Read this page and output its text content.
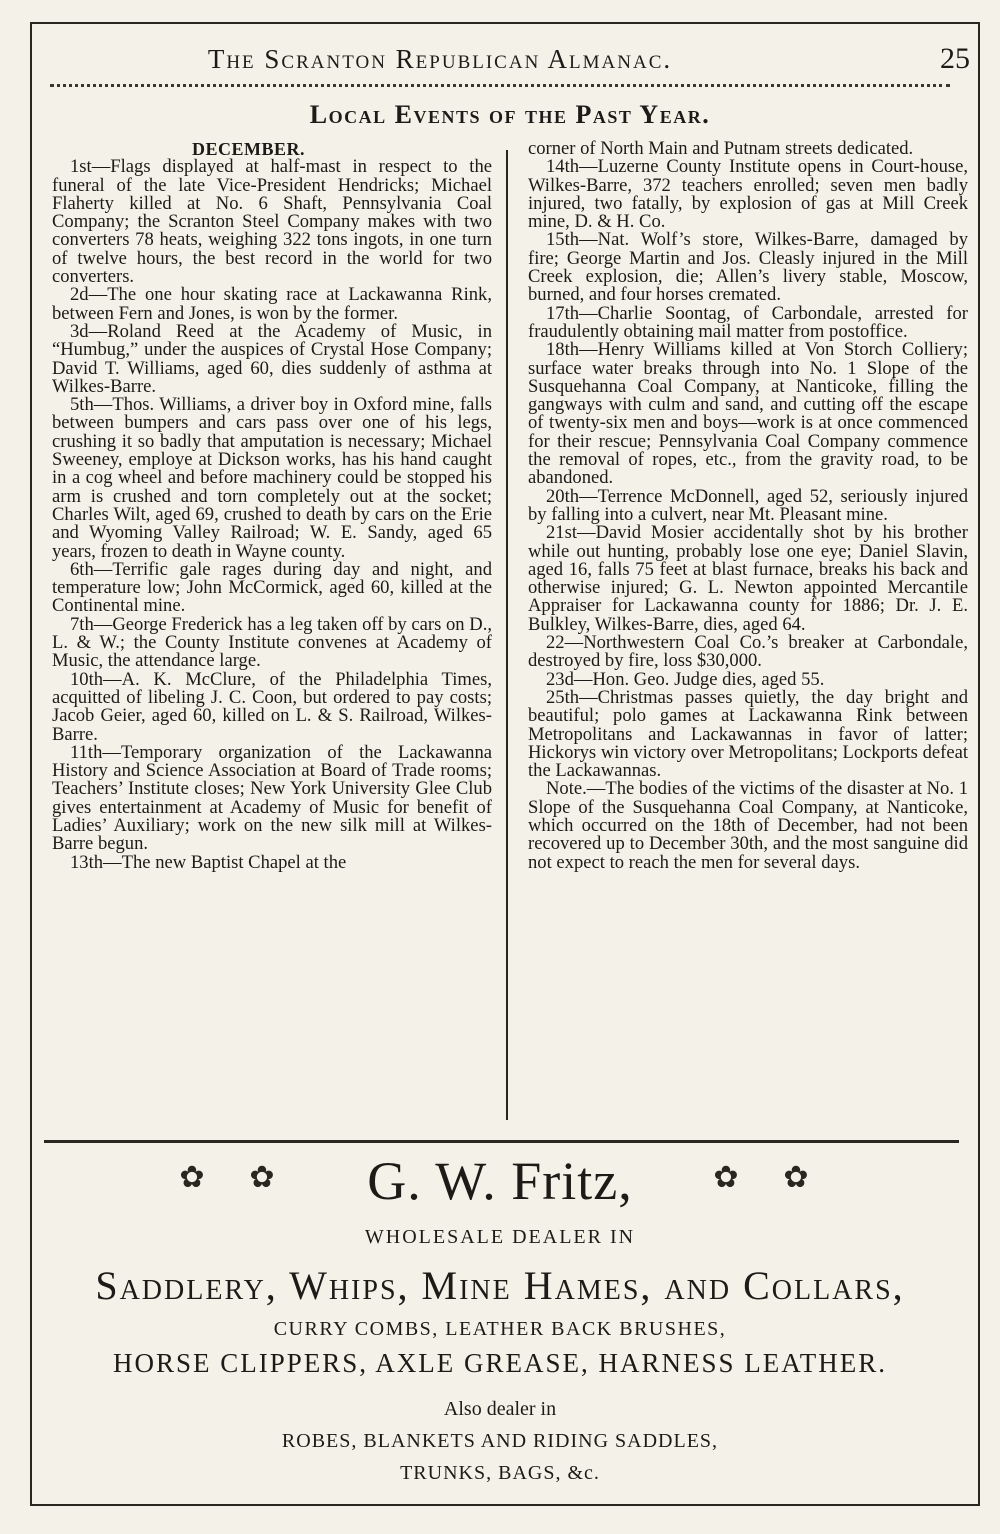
The Scranton Republican Almanac.	25
Local Events of the Past Year.

DECEMBER.

1st—Flags displayed at half-mast in respect to the funeral of the late Vice-President Hendricks; Michael Flaherty killed at No. 6 Shaft, Pennsylvania Coal Company; the Scranton Steel Company makes with two converters 78 heats, weighing 322 tons ingots, in one turn of twelve hours, the best record in the world for two converters.

2d—The one hour skating race at Lackawanna Rink, between Fern and Jones, is won by the former.

3d—Roland Reed at the Academy of Music, in “Humbug,” under the auspices of Crystal Hose Company; David T. Williams, aged 60, dies suddenly of asthma at Wilkes-Barre.

5th—Thos. Williams, a driver boy in Oxford mine, falls between bumpers and cars pass over one of his legs, crushing it so badly that amputation is necessary; Michael Sweeney, employe at Dickson works, has his hand caught in a cog wheel and before machinery could be stopped his arm is crushed and torn completely out at the socket; Charles Wilt, aged 69, crushed to death by cars on the Erie and Wyoming Valley Railroad; W. E. Sandy, aged 65 years, frozen to death in Wayne county.

6th—Terrific gale rages during day and night, and temperature low; John McCormick, aged 60, killed at the Continental mine.

7th—George Frederick has a leg taken off by cars on D., L. & W.; the County Institute convenes at Academy of Music, the attendance large.

10th—A. K. McClure, of the Philadelphia Times, acquitted of libeling J. C. Coon, but ordered to pay costs; Jacob Geier, aged 60, killed on L. & S. Railroad, Wilkes-Barre.

11th—Temporary organization of the Lackawanna History and Science Association at Board of Trade rooms; Teachers’ Institute closes; New York University Glee Club gives entertainment at Academy of Music for benefit of Ladies’ Auxiliary; work on the new silk mill at Wilkes-Barre begun.

13th—The new Baptist Chapel at the

corner of North Main and Putnam streets dedicated.

14th—Luzerne County Institute opens in Court-house, Wilkes-Barre, 372 teachers enrolled; seven men badly injured, two fatally, by explosion of gas at Mill Creek mine, D. & H. Co.

15th—Nat. Wolf’s store, Wilkes-Barre, damaged by fire; George Martin and Jos. Cleasly injured in the Mill Creek explosion, die; Allen’s livery stable, Moscow, burned, and four horses cremated.

17th—Charlie Soontag, of Carbondale, arrested for fraudulently obtaining mail matter from postoffice.

18th—Henry Williams killed at Von Storch Colliery; surface water breaks through into No. 1 Slope of the Susquehanna Coal Company, at Nanticoke, filling the gangways with culm and sand, and cutting off the escape of twenty-six men and boys—work is at once commenced for their rescue; Pennsylvania Coal Company commence the removal of ropes, etc., from the gravity road, to be abandoned.

20th—Terrence McDonnell, aged 52, seriously injured by falling into a culvert, near Mt. Pleasant mine.

21st—David Mosier accidentally shot by his brother while out hunting, probably lose one eye; Daniel Slavin, aged 16, falls 75 feet at blast furnace, breaks his back and otherwise injured; G. L. Newton appointed Mercantile Appraiser for Lackawanna county for 1886; Dr. J. E. Bulkley, Wilkes-Barre, dies, aged 64.

22—Northwestern Coal Co.’s breaker at Carbondale, destroyed by fire, loss $30,000.

23d—Hon. Geo. Judge dies, aged 55.

25th—Christmas passes quietly, the day bright and beautiful; polo games at Lackawanna Rink between Metropolitans and Lackawannas in favor of latter; Hickorys win victory over Metropolitans; Lockports defeat the Lackawannas.

Note.—The bodies of the victims of the disaster at No. 1 Slope of the Susquehanna Coal Company, at Nanticoke, which occurred on the 18th of December, had not been recovered up to December 30th, and the most sanguine did not expect to reach the men for several days.

✿ ✿	G. W. Fritz,	✿ ✿
WHOLESALE DEALER IN
Saddlery, Whips, Mine Hames, and Collars,
CURRY COMBS, LEATHER BACK BRUSHES,
HORSE CLIPPERS, AXLE GREASE, HARNESS LEATHER.
Also dealer in
ROBES, BLANKETS AND RIDING SADDLES,
TRUNKS, BAGS, &c.
